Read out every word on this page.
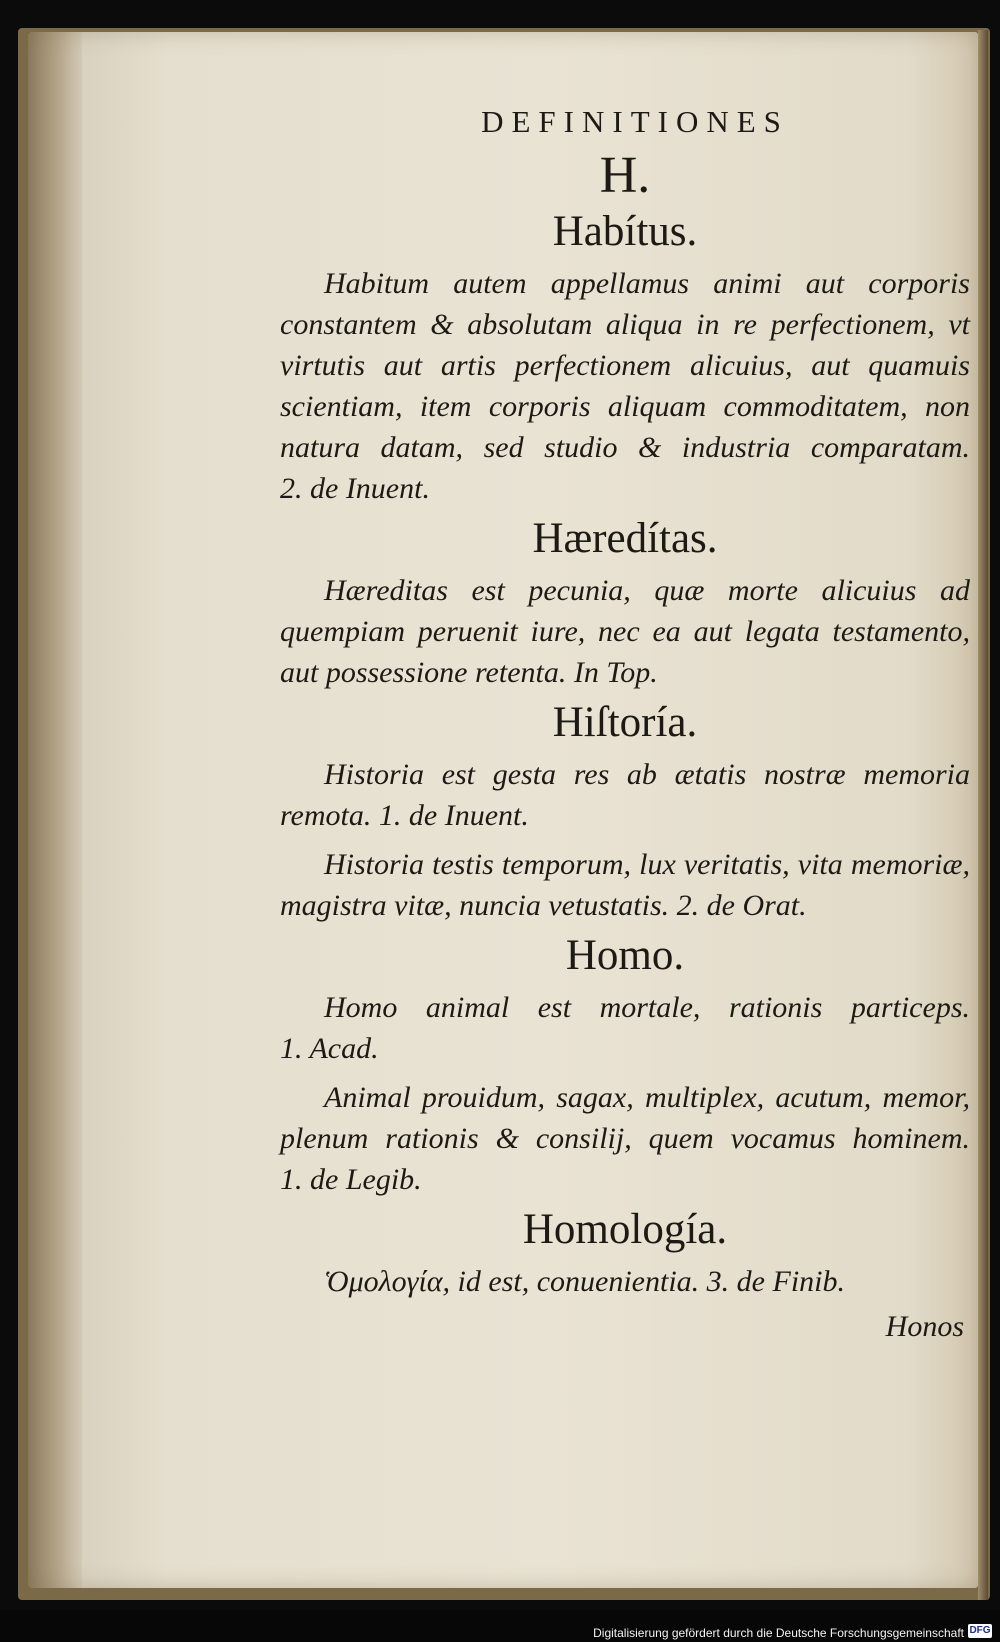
DEFINITIONES
H.
Habítus.

Habitum autem appellamus animi aut corporis constantem & absolutam aliqua in re perfectionem, vt virtutis aut artis perfectionem alicuius, aut quamuis scientiam, item corporis aliquam commoditatem, non natura datam, sed studio & industria comparatam. 2. de Inuent.

Hæredítas.

Hæreditas est pecunia, quæ morte alicuius ad quempiam peruenit iure, nec ea aut legata testamento, aut possessione retenta. In Top.

Hiſtoría.

Historia est gesta res ab ætatis nostræ memoria remota. 1. de Inuent.

Historia testis temporum, lux veritatis, vita memoriæ, magistra vitæ, nuncia vetustatis. 2. de Orat.

Homo.

Homo animal est mortale, rationis particeps. 1. Acad.

Animal prouidum, sagax, multiplex, acutum, memor, plenum rationis & consilij, quem vocamus hominem. 1. de Legib.

Homología.

Ὁμολογία, id est, conuenientia. 3. de Finib.

Honos
Digitalisierung gefördert durch die Deutsche Forschungsgemeinschaft DFG
